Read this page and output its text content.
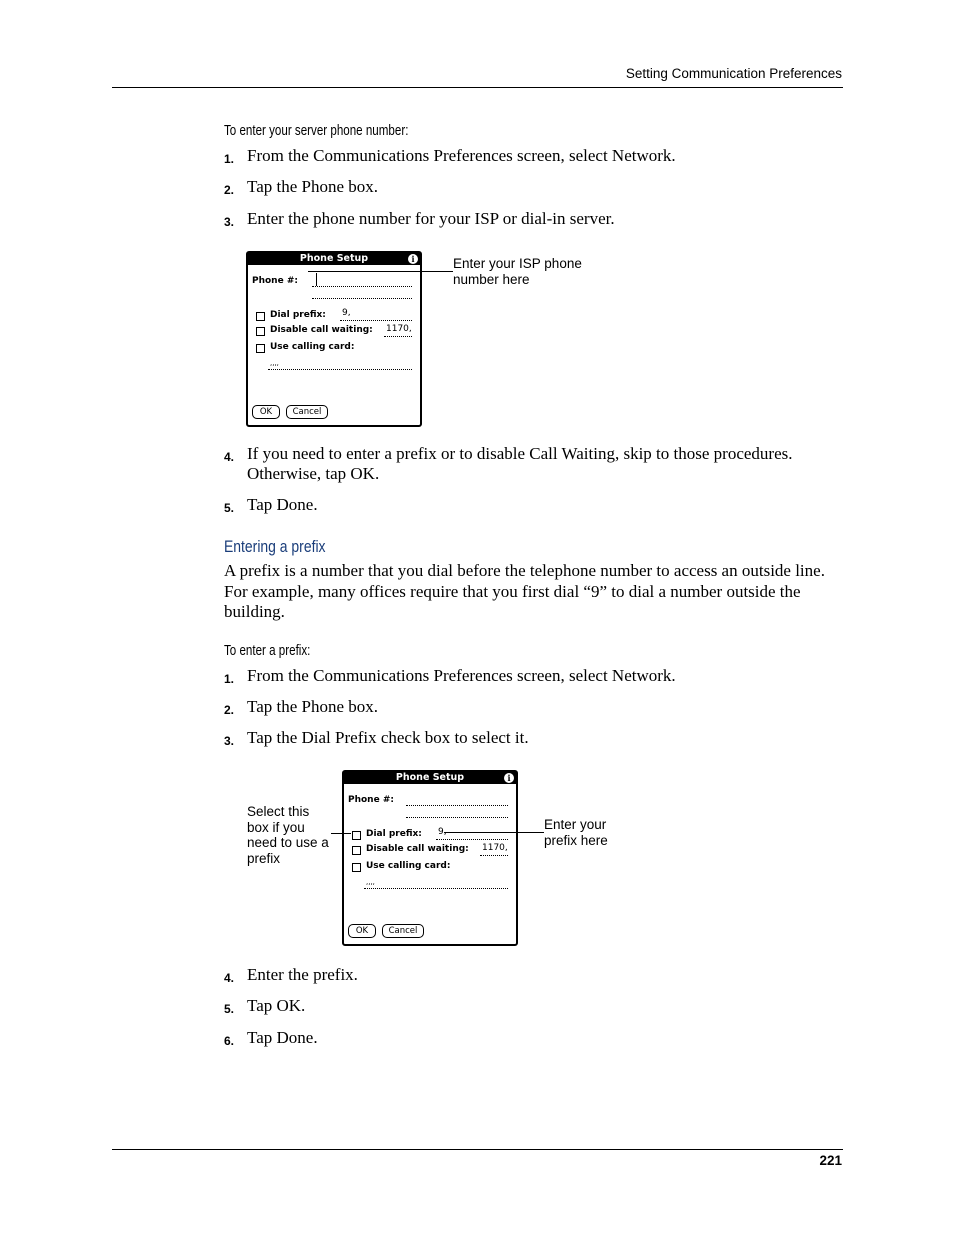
Setting Communication Preferences
To enter your server phone number:
1. From the Communications Preferences screen, select Network.
2. Tap the Phone box.
3. Enter the phone number for your ISP or dial-in server.
Phone Setup	i
Phone #:
Dial prefix: 9,
Disable call waiting: 1170,
Use calling card:
,,,,
OK	Cancel
Enter your ISP phone
number here
4. If you need to enter a prefix or to disable Call Waiting, skip to those procedures. Otherwise, tap OK.
5. Tap Done.
Entering a prefix
A prefix is a number that you dial before the telephone number to access an outside line. For example, many offices require that you first dial “9” to dial a number outside the building.
To enter a prefix:
1. From the Communications Preferences screen, select Network.
2. Tap the Phone box.
3. Tap the Dial Prefix check box to select it.
Select this
box if you
need to use a
prefix
Phone Setup	i
Phone #:
Dial prefix: 9,
Disable call waiting: 1170,
Use calling card:
,,,,
OK	Cancel
Enter your
prefix here
4. Enter the prefix.
5. Tap OK.
6. Tap Done.
221
